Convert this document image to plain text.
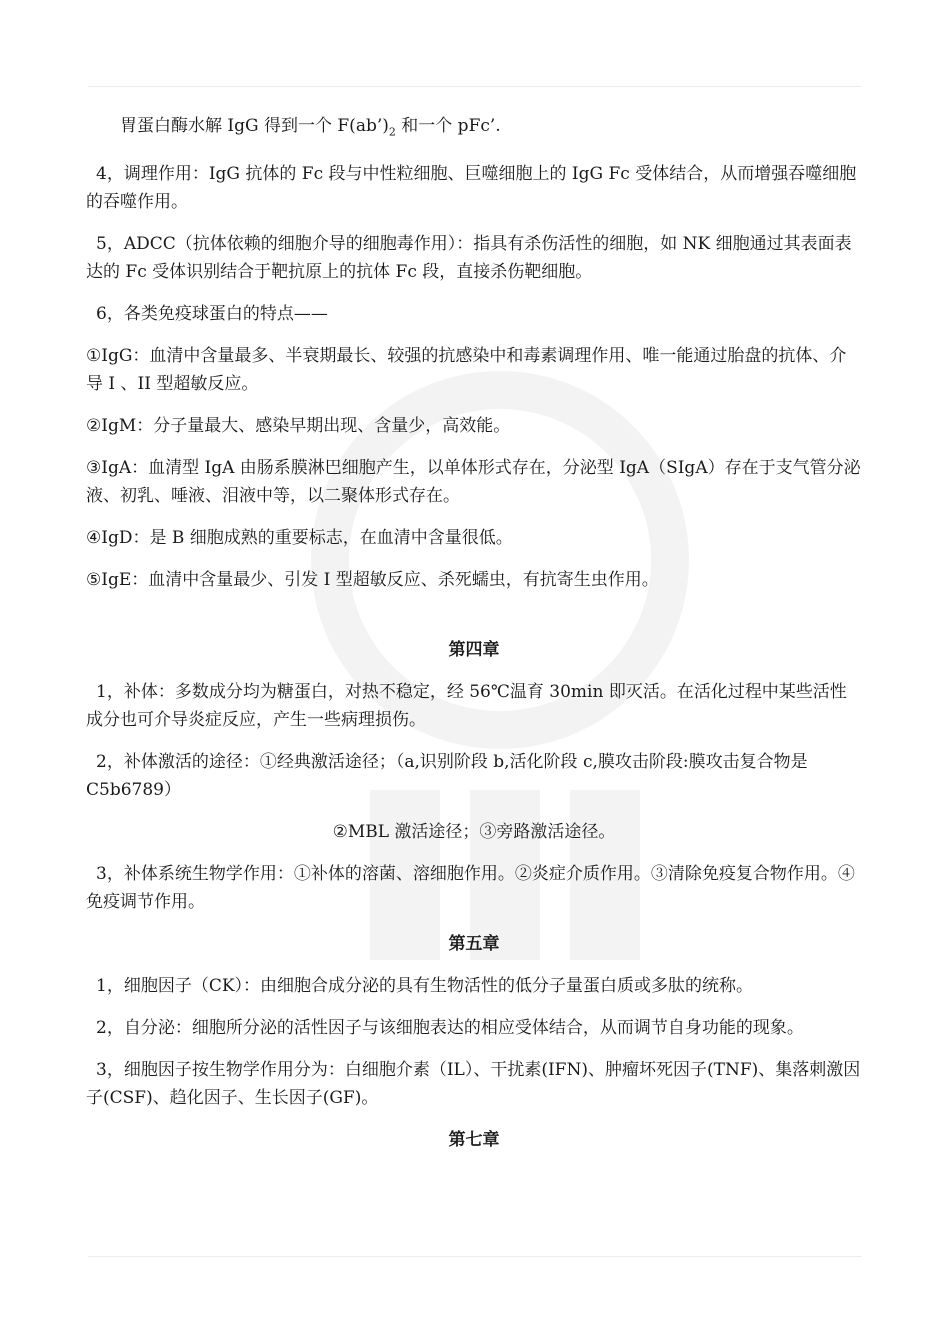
胃蛋白酶水解 IgG 得到一个 $F(ab’)_2$ 和一个 pFc’.

4，调理作用：IgG 抗体的 Fc 段与中性粒细胞、巨噬细胞上的 IgG Fc 受体结合，从而增强吞噬细胞的吞噬作用。

5，ADCC（抗体依赖的细胞介导的细胞毒作用）：指具有杀伤活性的细胞，如 NK 细胞通过其表面表达的 Fc 受体识别结合于靶抗原上的抗体 Fc 段，直接杀伤靶细胞。

6，各类免疫球蛋白的特点——

①IgG：血清中含量最多、半衰期最长、较强的抗感染中和毒素调理作用、唯一能通过胎盘的抗体、介导 I 、II 型超敏反应。

②IgM：分子量最大、感染早期出现、含量少，高效能。

③IgA：血清型 IgA 由肠系膜淋巴细胞产生，以单体形式存在，分泌型 IgA（SIgA）存在于支气管分泌液、初乳、唾液、泪液中等，以二聚体形式存在。

④IgD：是 B 细胞成熟的重要标志，在血清中含量很低。

⑤IgE：血清中含量最少、引发 I 型超敏反应、杀死蠕虫，有抗寄生虫作用。

第四章

1，补体：多数成分均为糖蛋白，对热不稳定，经 56℃温育 30min 即灭活。在活化过程中某些活性成分也可介导炎症反应，产生一些病理损伤。

2，补体激活的途径：①经典激活途径；（a,识别阶段 b,活化阶段 c,膜攻击阶段:膜攻击复合物是 C5b6789）

②MBL 激活途径；③旁路激活途径。

3，补体系统生物学作用：①补体的溶菌、溶细胞作用。②炎症介质作用。③清除免疫复合物作用。④免疫调节作用。

第五章

1，细胞因子（CK）：由细胞合成分泌的具有生物活性的低分子量蛋白质或多肽的统称。

2，自分泌：细胞所分泌的活性因子与该细胞表达的相应受体结合，从而调节自身功能的现象。

3，细胞因子按生物学作用分为：白细胞介素（IL）、干扰素(IFN)、肿瘤坏死因子(TNF)、集落刺激因子(CSF)、趋化因子、生长因子(GF)。

第七章
